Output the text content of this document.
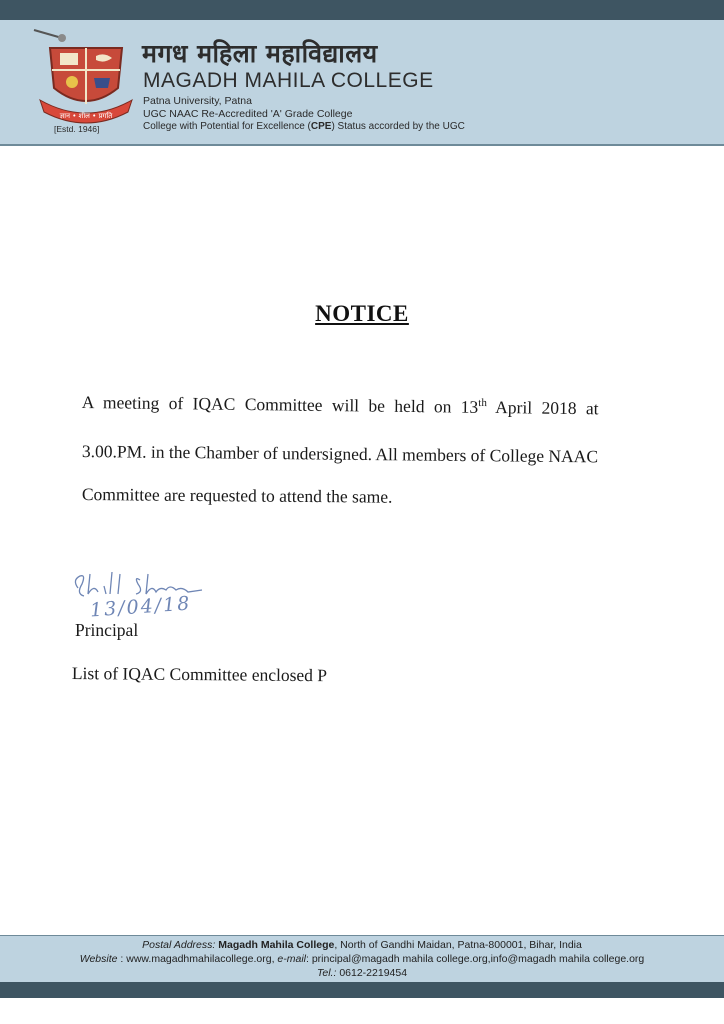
ज्ञान • शील • प्रगति
मगध महिला महाविद्यालय
MAGADH MAHILA COLLEGE
Patna University, Patna
UGC NAAC Re-Accredited 'A' Grade College
College with Potential for Excellence (CPE) Status accorded by the UGC
[Estd. 1946]
NOTICE
A meeting of IQAC Committee will be held on 13th April 2018 at
3.00.PM. in the Chamber of undersigned. All members of College NAAC
Committee are requested to attend the same.
13/04/18
Principal
List of IQAC Committee enclosed P
Postal Address: Magadh Mahila College, North of Gandhi Maidan, Patna-800001, Bihar, India
Website : www.magadhmahilacollege.org, e-mail: principal@magadh mahila college.org,info@magadh mahila college.org
Tel.: 0612-2219454
